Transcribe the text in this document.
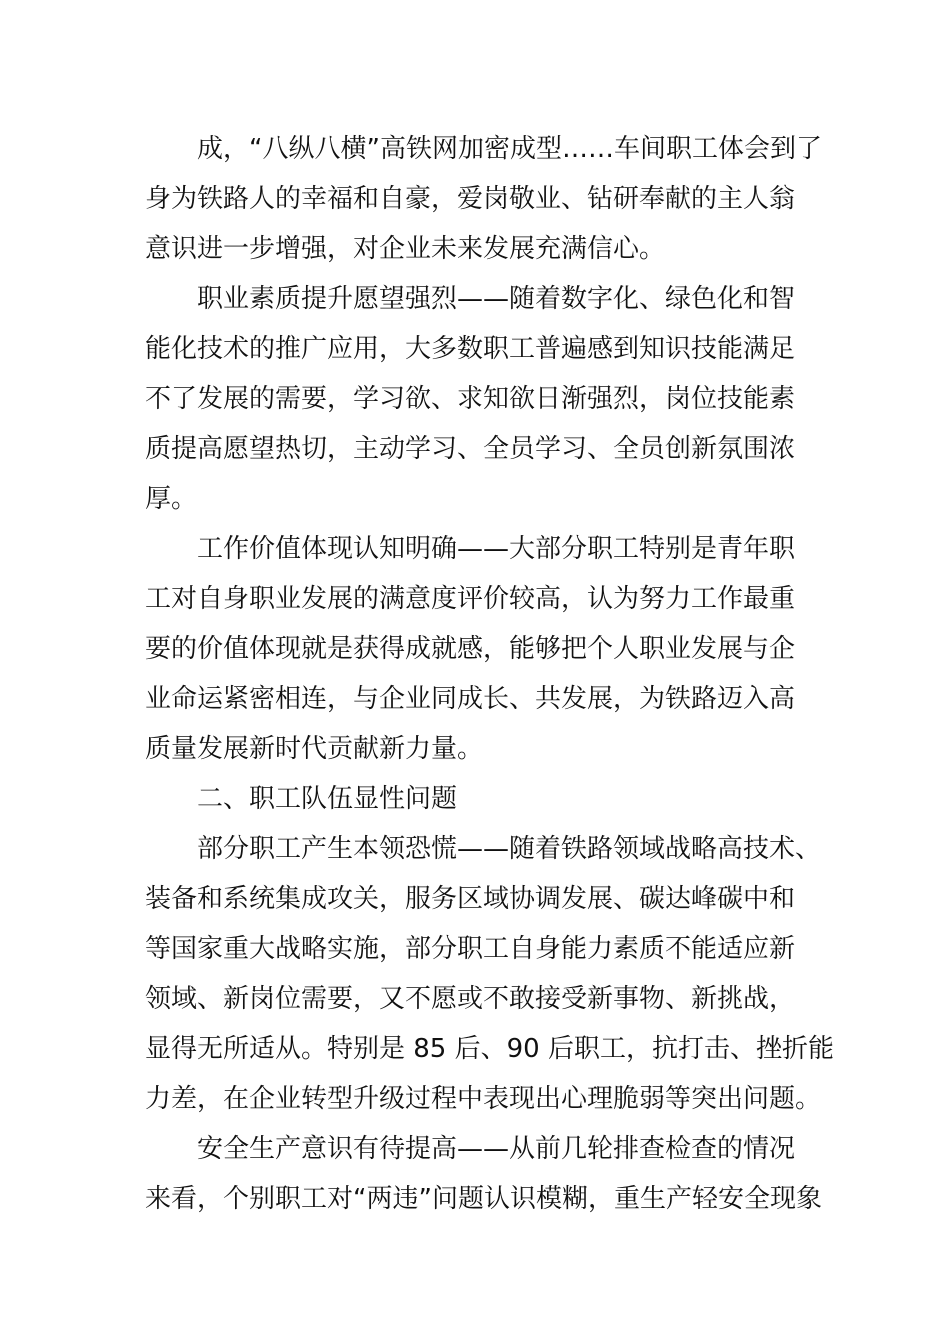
成，“八纵八横”高铁网加密成型……车间职工体会到了
身为铁路人的幸福和自豪，爱岗敬业、钻研奉献的主人翁
意识进一步增强，对企业未来发展充满信心。
职业素质提升愿望强烈——随着数字化、绿色化和智
能化技术的推广应用，大多数职工普遍感到知识技能满足
不了发展的需要，学习欲、求知欲日渐强烈，岗位技能素
质提高愿望热切，主动学习、全员学习、全员创新氛围浓
厚。
工作价值体现认知明确——大部分职工特别是青年职
工对自身职业发展的满意度评价较高，认为努力工作最重
要的价值体现就是获得成就感，能够把个人职业发展与企
业命运紧密相连，与企业同成长、共发展，为铁路迈入高
质量发展新时代贡献新力量。
二、职工队伍显性问题
部分职工产生本领恐慌——随着铁路领域战略高技术、
装备和系统集成攻关，服务区域协调发展、碳达峰碳中和
等国家重大战略实施，部分职工自身能力素质不能适应新
领域、新岗位需要，又不愿或不敢接受新事物、新挑战，
显得无所适从。特别是 85 后、90 后职工，抗打击、挫折能
力差，在企业转型升级过程中表现出心理脆弱等突出问题。
安全生产意识有待提高——从前几轮排查检查的情况
来看，个别职工对“两违”问题认识模糊，重生产轻安全现象
